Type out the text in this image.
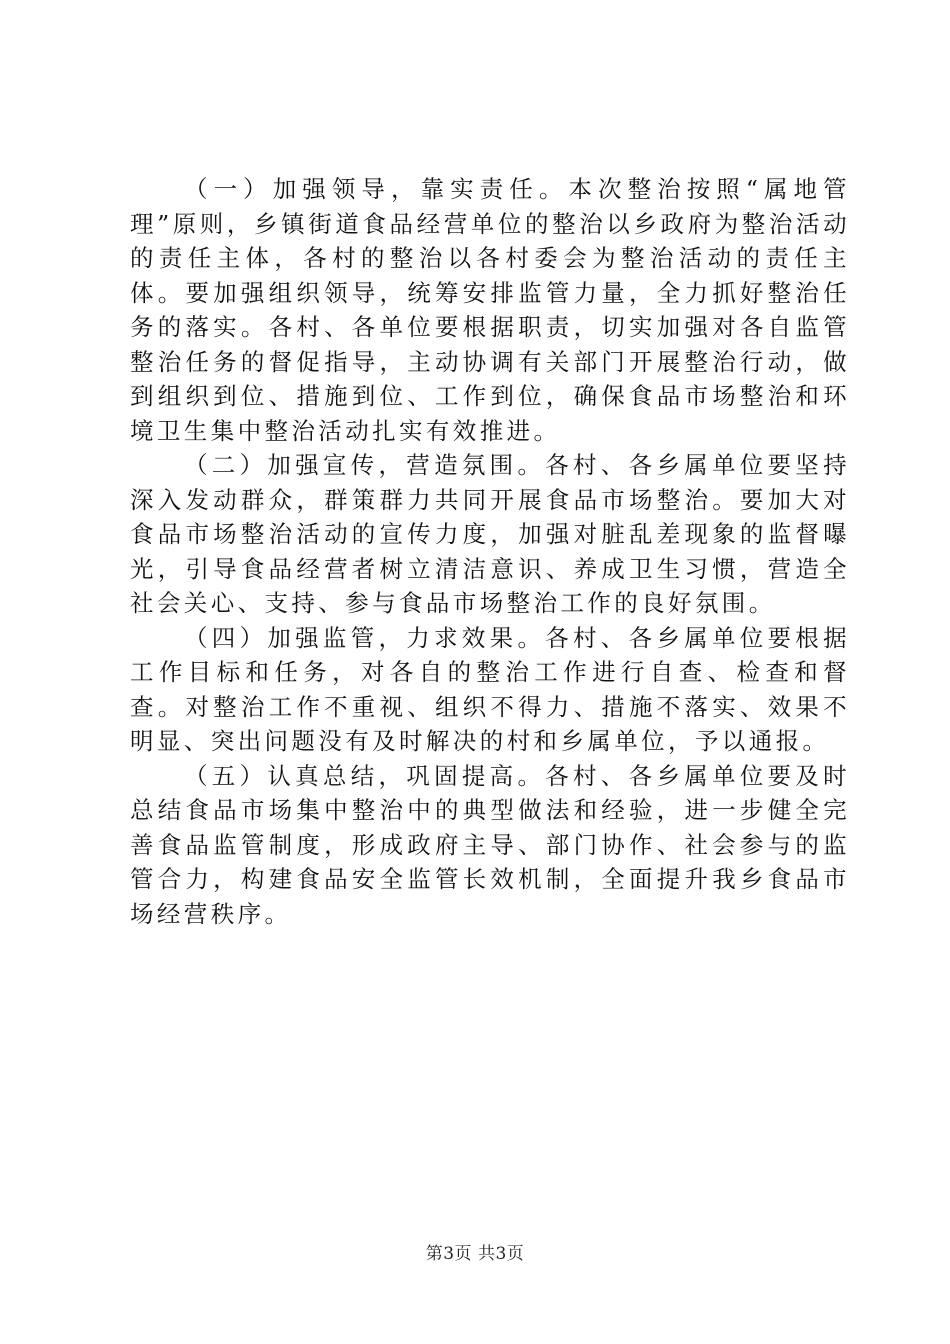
（一）加强领导，靠实责任。本次整治按照“属地管理”原则，乡镇街道食品经营单位的整治以乡政府为整治活动的责任主体，各村的整治以各村委会为整治活动的责任主体。要加强组织领导，统筹安排监管力量，全力抓好整治任务的落实。各村、各单位要根据职责，切实加强对各自监管整治任务的督促指导，主动协调有关部门开展整治行动，做到组织到位、措施到位、工作到位，确保食品市场整治和环境卫生集中整治活动扎实有效推进。

（二）加强宣传，营造氛围。各村、各乡属单位要坚持深入发动群众，群策群力共同开展食品市场整治。要加大对食品市场整治活动的宣传力度，加强对脏乱差现象的监督曝光，引导食品经营者树立清洁意识、养成卫生习惯，营造全社会关心、支持、参与食品市场整治工作的良好氛围。

（四）加强监管，力求效果。各村、各乡属单位要根据工作目标和任务，对各自的整治工作进行自查、检查和督查。对整治工作不重视、组织不得力、措施不落实、效果不明显、突出问题没有及时解决的村和乡属单位，予以通报。

（五）认真总结，巩固提高。各村、各乡属单位要及时总结食品市场集中整治中的典型做法和经验，进一步健全完善食品监管制度，形成政府主导、部门协作、社会参与的监管合力，构建食品安全监管长效机制，全面提升我乡食品市场经营秩序。

第3页 共3页
